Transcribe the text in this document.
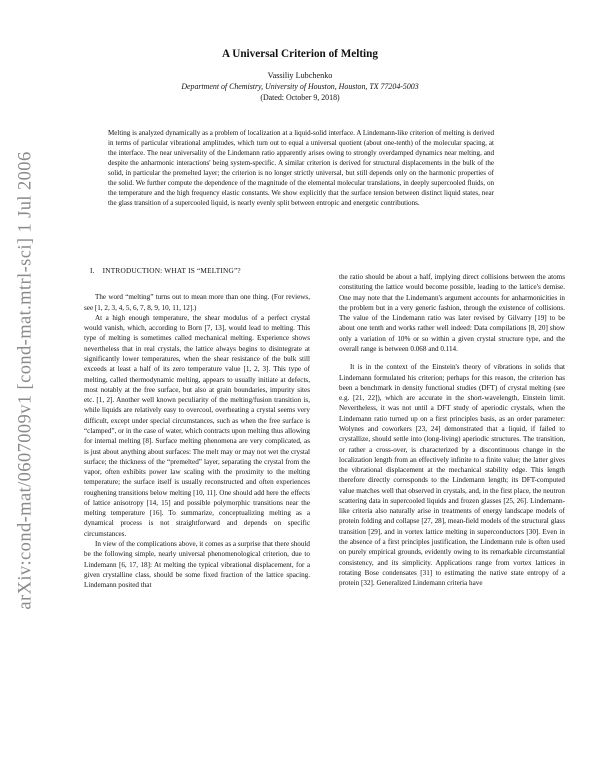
arXiv:cond-mat/0607009v1 [cond-mat.mtrl-sci] 1 Jul 2006
A Universal Criterion of Melting
Vassiliy Lubchenko
Department of Chemistry, University of Houston, Houston, TX 77204-5003
(Dated: October 9, 2018)

Melting is analyzed dynamically as a problem of localization at a liquid-solid interface. A Lindemann-like criterion of melting is derived in terms of particular vibrational amplitudes, which turn out to equal a universal quotient (about one-tenth) of the molecular spacing, at the interface. The near universality of the Lindemann ratio apparently arises owing to strongly overdamped dynamics near melting, and despite the anharmonic interactions' being system-specific. A similar criterion is derived for structural displacements in the bulk of the solid, in particular the premelted layer; the criterion is no longer strictly universal, but still depends only on the harmonic properties of the solid. We further compute the dependence of the magnitude of the elemental molecular translations, in deeply supercooled fluids, on the temperature and the high frequency elastic constants. We show explicitly that the surface tension between distinct liquid states, near the glass transition of a supercooled liquid, is nearly evenly split between entropic and energetic contributions.

I. INTRODUCTION: WHAT IS “MELTING”?

The word “melting” turns out to mean more than one thing. (For reviews, see [1, 2, 3, 4, 5, 6, 7, 8, 9, 10, 11, 12].)

At a high enough temperature, the shear modulus of a perfect crystal would vanish, which, according to Born [7, 13], would lead to melting. This type of melting is sometimes called mechanical melting. Experience shows nevertheless that in real crystals, the lattice always begins to disintegrate at significantly lower temperatures, when the shear resistance of the bulk still exceeds at least a half of its zero temperature value [1, 2, 3]. This type of melting, called thermodynamic melting, appears to usually initiate at defects, most notably at the free surface, but also at grain boundaries, impurity sites etc. [1, 2]. Another well known peculiarity of the melting/fusion transition is, while liquids are relatively easy to overcool, overheating a crystal seems very difficult, except under special circumstances, such as when the free surface is “clamped”, or in the case of water, which contracts upon melting thus allowing for internal melting [8]. Surface melting phenomena are very complicated, as is just about anything about surfaces: The melt may or may not wet the crystal surface; the thickness of the “premelted” layer, separating the crystal from the vapor, often exhibits power law scaling with the proximity to the melting temperature; the surface itself is usually reconstructed and often experiences roughening transitions below melting [10, 11]. One should add here the effects of lattice anisotropy [14, 15] and possible polymorphic transitions near the melting temperature [16]. To summarize, conceptualizing melting as a dynamical process is not straightforward and depends on specific circumstances.

In view of the complications above, it comes as a surprise that there should be the following simple, nearly universal phenomenological criterion, due to Lindemann [6, 17, 18]: At melting the typical vibrational displacement, for a given crystalline class, should be some fixed fraction of the lattice spacing. Lindemann posited that

the ratio should be about a half, implying direct collisions between the atoms constituting the lattice would become possible, leading to the lattice's demise. One may note that the Lindemann's argument accounts for anharmonicities in the problem but in a very generic fashion, through the existence of collisions. The value of the Lindemann ratio was later revised by Gilvarry [19] to be about one tenth and works rather well indeed: Data compilations [8, 20] show only a variation of 10% or so within a given crystal structure type, and the overall range is between 0.068 and 0.114.

It is in the context of the Einstein's theory of vibrations in solids that Lindemann formulated his criterion; perhaps for this reason, the criterion has been a benchmark in density functional studies (DFT) of crystal melting (see e.g. [21, 22]), which are accurate in the short-wavelength, Einstein limit. Nevertheless, it was not until a DFT study of aperiodic crystals, when the Lindemann ratio turned up on a first principles basis, as an order parameter: Wolynes and coworkers [23, 24] demonstrated that a liquid, if failed to crystallize, should settle into (long-living) aperiodic structures. The transition, or rather a cross-over, is characterized by a discontinuous change in the localization length from an effectively infinite to a finite value; the latter gives the vibrational displacement at the mechanical stability edge. This length therefore directly corresponds to the Lindemann length; its DFT-computed value matches well that observed in crystals, and, in the first place, the neutron scattering data in supercooled liquids and frozen glasses [25, 26]. Lindemann-like criteria also naturally arise in treatments of energy landscape models of protein folding and collapse [27, 28], mean-field models of the structural glass transition [29], and in vortex lattice melting in superconductors [30]. Even in the absence of a first principles justification, the Lindemann rule is often used on purely empirical grounds, evidently owing to its remarkable circumstantial consistency, and its simplicity. Applications range from vortex lattices in rotating Bose condensates [31] to estimating the native state entropy of a protein [32]. Generalized Lindemann criteria have
